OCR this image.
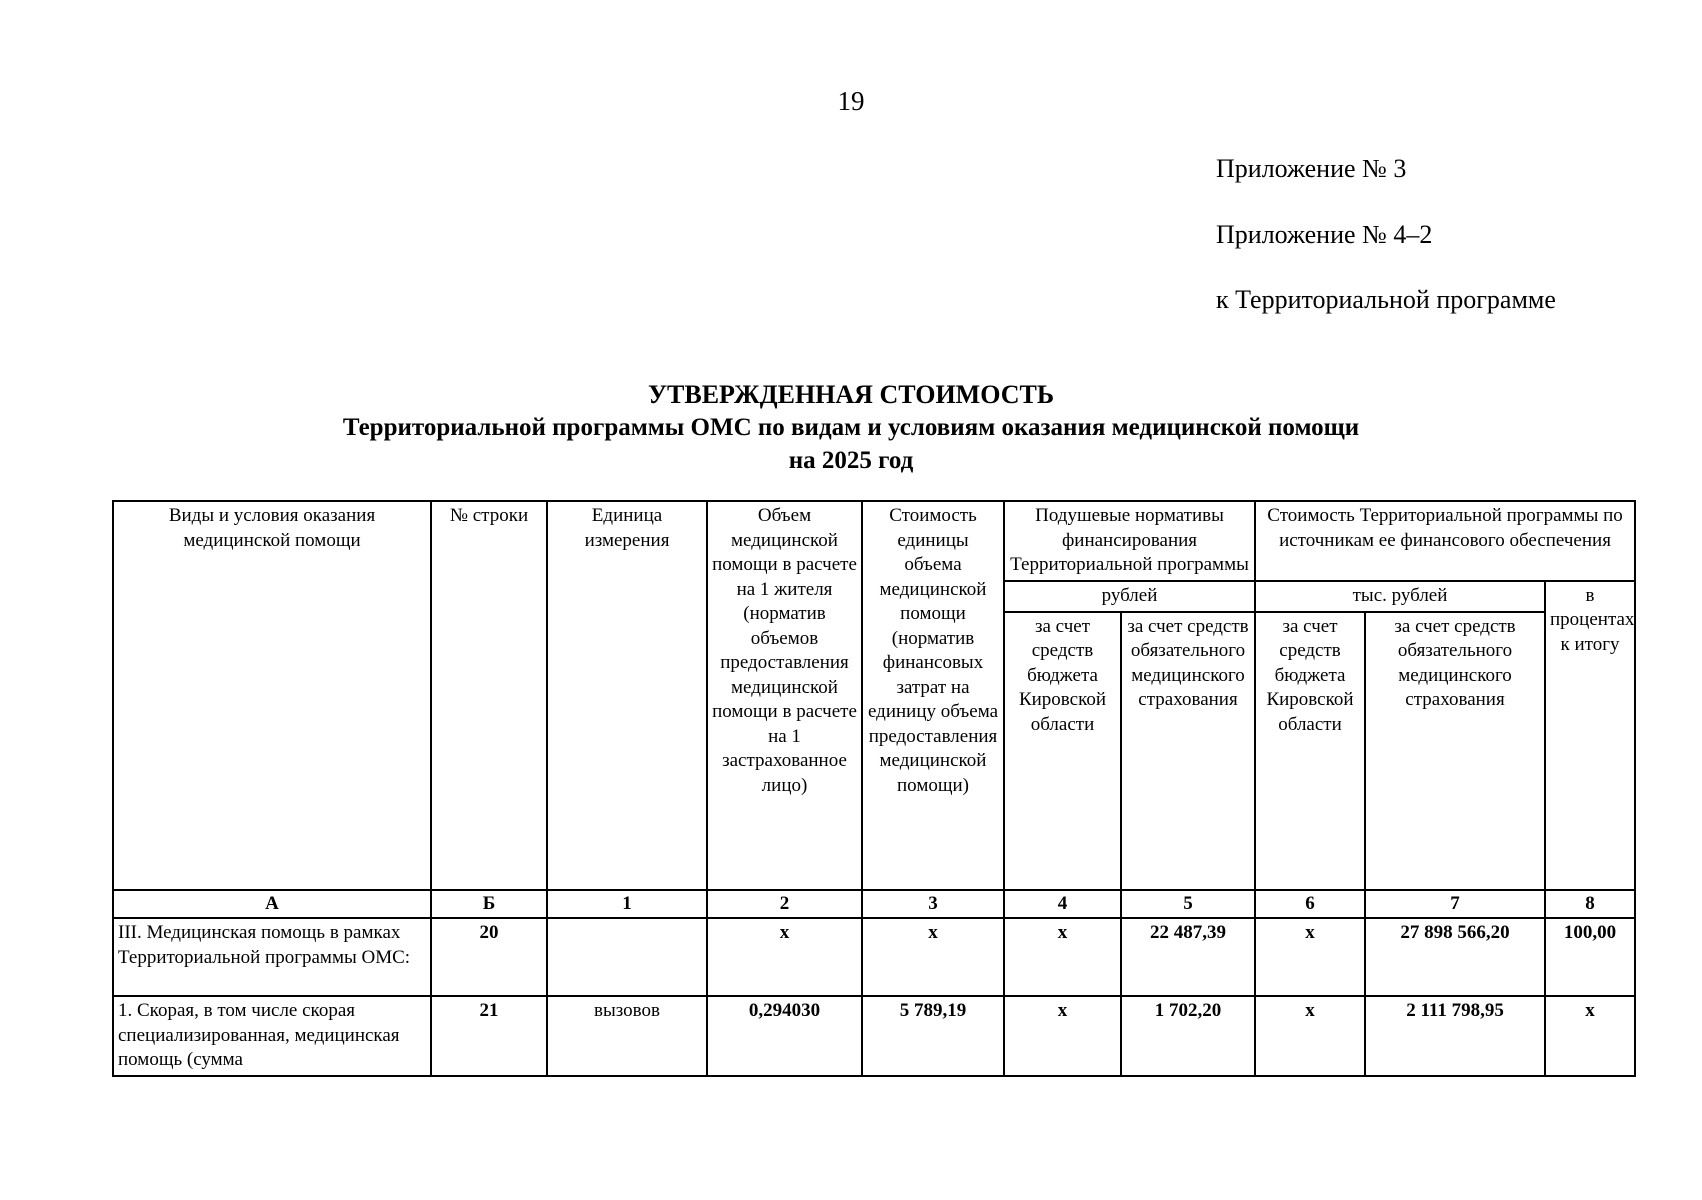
19
Приложение № 3
Приложение № 4–2
к Территориальной программе
УТВЕРЖДЕННАЯ СТОИМОСТЬ
Территориальной программы ОМС по видам и условиям оказания медицинской помощи
на 2025 год
Виды и условия оказания медицинской помощи	№ строки	Единица измерения	Объем медицинской помощи в расчете на 1 жителя (норматив объемов предоставления медицинской помощи в расчете на 1 застрахованное лицо)	Стоимость единицы объема медицинской помощи (норматив финансовых затрат на единицу объема предоставления медицинской помощи)	Подушевые нормативы финансирования Территориальной программы		Стоимость Территориальной программы по источникам ее финансового обеспечения		
					рублей		тыс. рублей		в процентах к итогу
					за счет средств бюджета Кировской области	за счет средств обязательного медицинского страхования	за счет средств бюджета Кировской области	за счет средств обязательного медицинского страхования	
А	Б	1	2	3	4	5	6	7	8
III. Медицинская помощь в рамках Территориальной программы ОМС:	20		х	х	х	22 487,39	х	27 898 566,20	100,00
1. Скорая, в том числе скорая специализированная, медицинская помощь (сумма	21	вызовов	0,294030	5 789,19	х	1 702,20	х	2 111 798,95	х
